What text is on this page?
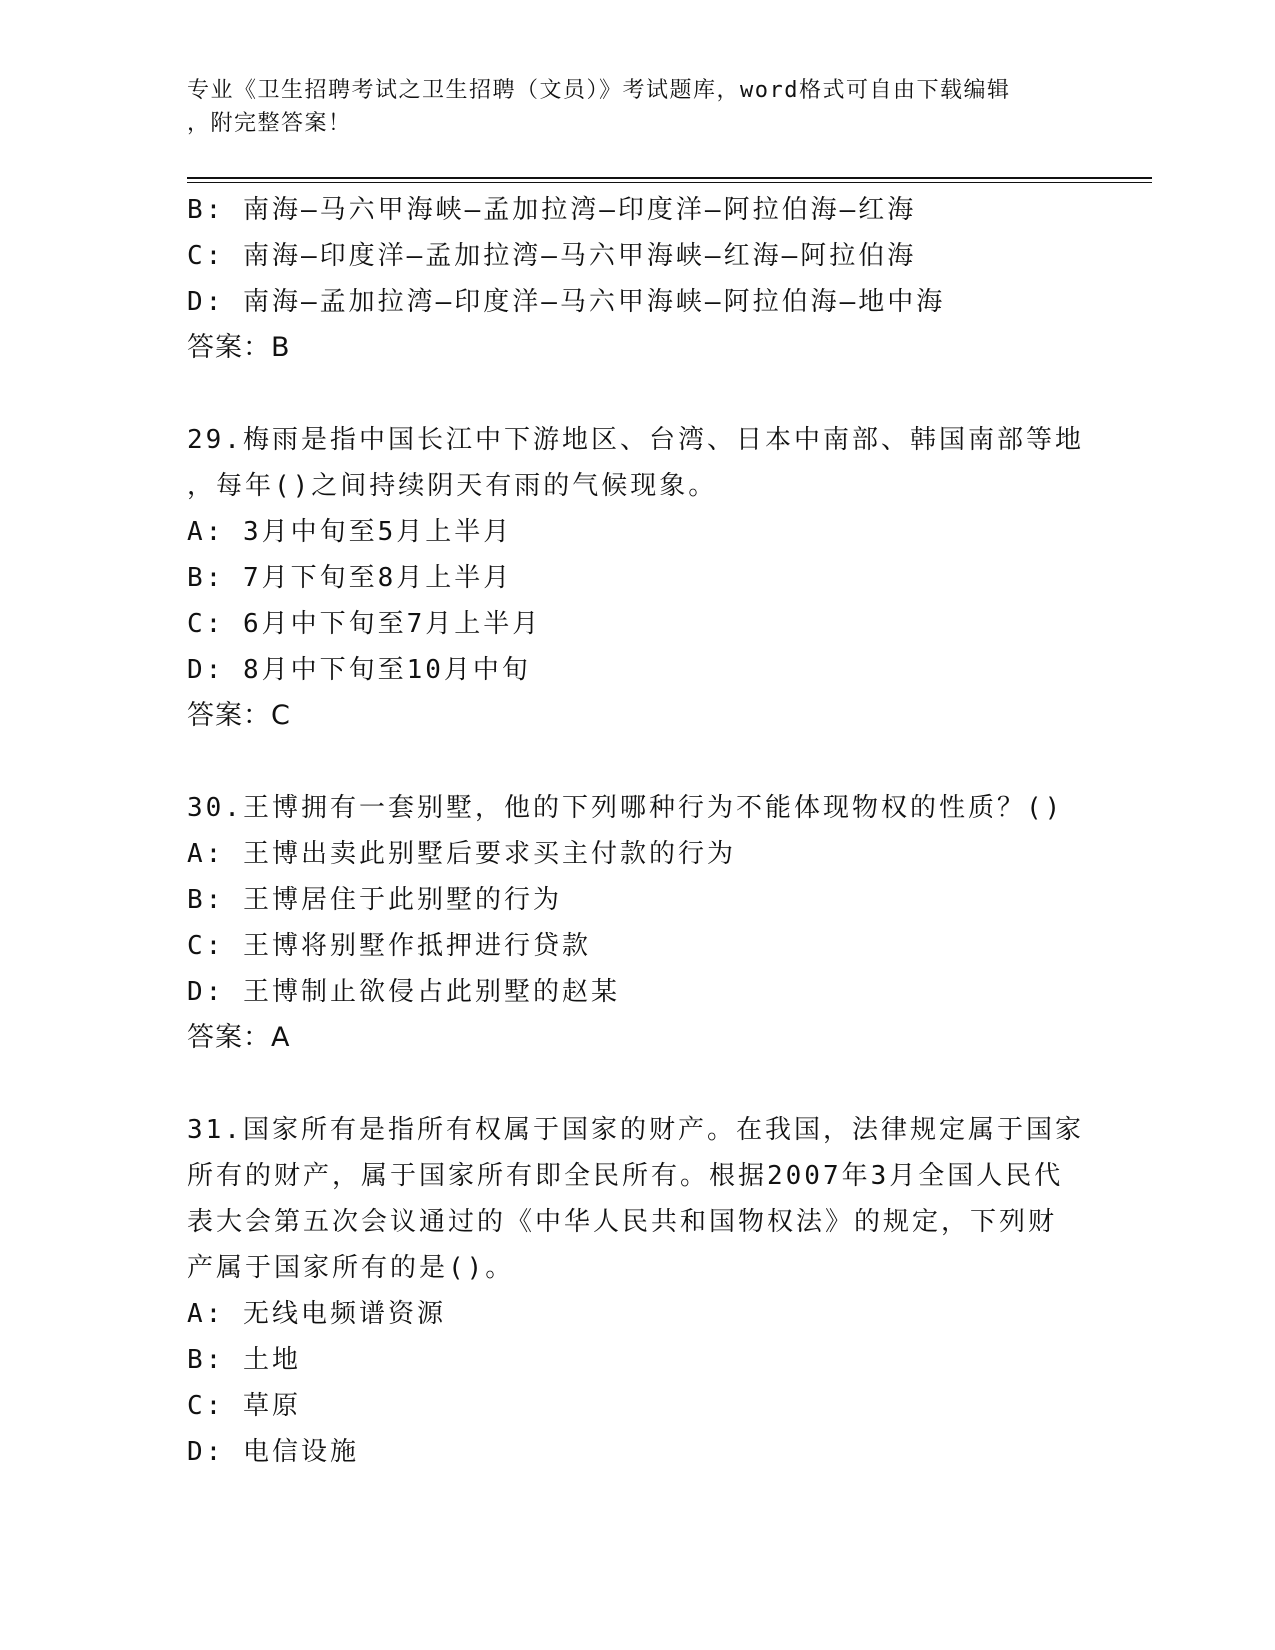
专业《卫生招聘考试之卫生招聘（文员）》考试题库，word格式可自由下载编辑
，附完整答案！
B: 南海—马六甲海峡—孟加拉湾—印度洋—阿拉伯海—红海
C: 南海—印度洋—孟加拉湾—马六甲海峡—红海—阿拉伯海
D: 南海—孟加拉湾—印度洋—马六甲海峡—阿拉伯海—地中海
答案：B
29.梅雨是指中国长江中下游地区、台湾、日本中南部、韩国南部等地
，每年()之间持续阴天有雨的气候现象。
A: 3月中旬至5月上半月
B: 7月下旬至8月上半月
C: 6月中下旬至7月上半月
D: 8月中下旬至10月中旬
答案：C
30.王博拥有一套别墅，他的下列哪种行为不能体现物权的性质？()
A: 王博出卖此别墅后要求买主付款的行为
B: 王博居住于此别墅的行为
C: 王博将别墅作抵押进行贷款
D: 王博制止欲侵占此别墅的赵某
答案：A
31.国家所有是指所有权属于国家的财产。在我国，法律规定属于国家
所有的财产，属于国家所有即全民所有。根据2007年3月全国人民代
表大会第五次会议通过的《中华人民共和国物权法》的规定，下列财
产属于国家所有的是()。
A: 无线电频谱资源
B: 土地
C: 草原
D: 电信设施
